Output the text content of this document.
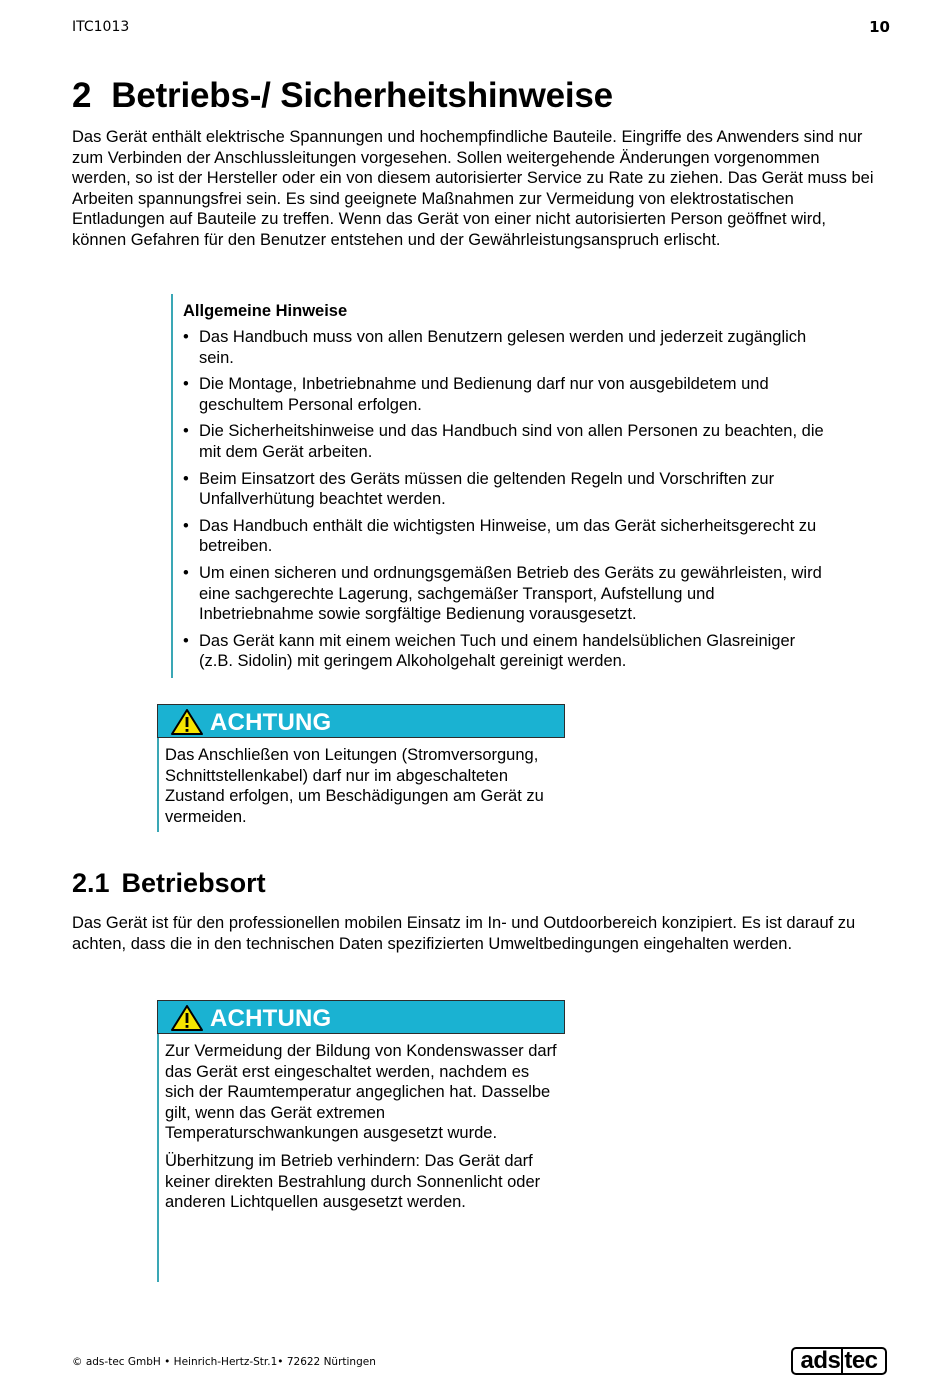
ITC1013	10
2 Betriebs-/ Sicherheitshinweise

Das Gerät enthält elektrische Spannungen und hochempfindliche Bauteile. Eingriffe des Anwenders sind nur zum Verbinden der Anschlussleitungen vorgesehen. Sollen weitergehende Änderungen vorgenommen werden, so ist der Hersteller oder ein von diesem autorisierter Service zu Rate zu ziehen. Das Gerät muss bei Arbeiten spannungsfrei sein. Es sind geeignete Maßnahmen zur Vermeidung von elektrostatischen Entladungen auf Bauteile zu treffen. Wenn das Gerät von einer nicht autorisierten Person geöffnet wird, können Gefahren für den Benutzer entstehen und der Gewährleistungsanspruch erlischt.

Allgemeine Hinweise
• Das Handbuch muss von allen Benutzern gelesen werden und jederzeit zugänglich sein.
• Die Montage, Inbetriebnahme und Bedienung darf nur von ausgebildetem und geschultem Personal erfolgen.
• Die Sicherheitshinweise und das Handbuch sind von allen Personen zu beachten, die mit dem Gerät arbeiten.
• Beim Einsatzort des Geräts müssen die geltenden Regeln und Vorschriften zur Unfallverhütung beachtet werden.
• Das Handbuch enthält die wichtigsten Hinweise, um das Gerät sicherheitsgerecht zu betreiben.
• Um einen sicheren und ordnungsgemäßen Betrieb des Geräts zu gewährleisten, wird eine sachgerechte Lagerung, sachgemäßer Transport, Aufstellung und Inbetriebnahme sowie sorgfältige Bedienung vorausgesetzt.
• Das Gerät kann mit einem weichen Tuch und einem handelsüblichen Glasreiniger (z.B. Sidolin) mit geringem Alkoholgehalt gereinigt werden.
ACHTUNG

Das Anschließen von Leitungen (Stromversorgung, Schnittstellenkabel) darf nur im abgeschalteten Zustand erfolgen, um Beschädigungen am Gerät zu vermeiden.

2.1 Betriebsort

Das Gerät ist für den professionellen mobilen Einsatz im In- und Outdoorbereich konzipiert. Es ist darauf zu achten, dass die in den technischen Daten spezifizierten Umweltbedingungen eingehalten werden.

ACHTUNG

Zur Vermeidung der Bildung von Kondenswasser darf das Gerät erst eingeschaltet werden, nachdem es sich der Raumtemperatur angeglichen hat. Dasselbe gilt, wenn das Gerät extremen Temperaturschwankungen ausgesetzt wurde.

Überhitzung im Betrieb verhindern: Das Gerät darf keiner direkten Bestrahlung durch Sonnenlicht oder anderen Lichtquellen ausgesetzt werden.

© ads-tec GmbH • Heinrich-Hertz-Str.1• 72622 Nürtingen	ads tec
